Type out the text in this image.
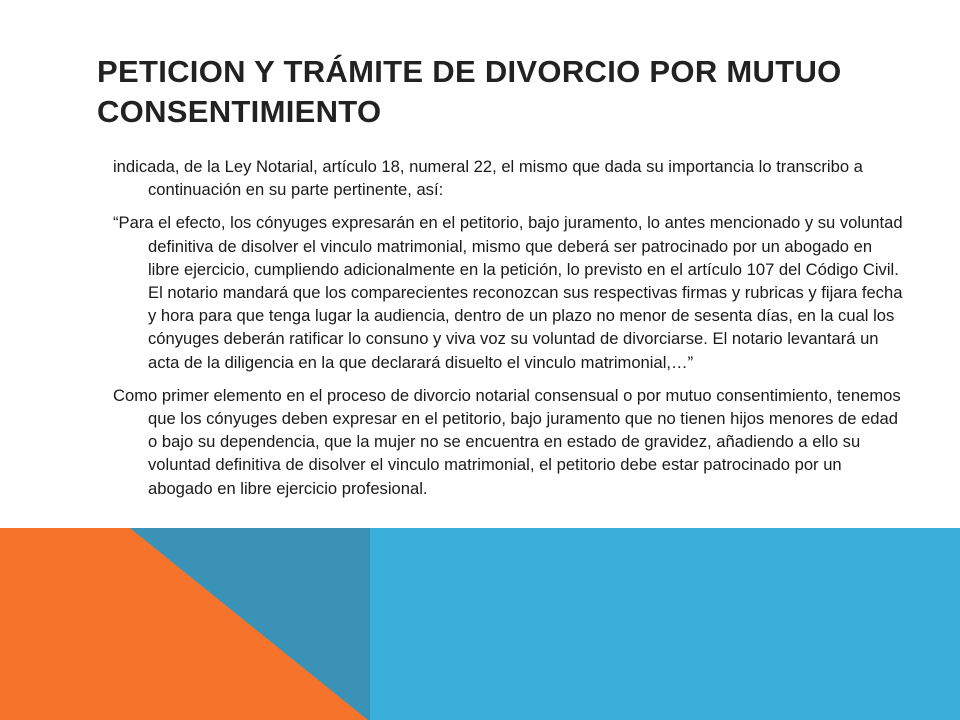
PETICION Y TRÁMITE DE DIVORCIO POR MUTUO CONSENTIMIENTO

indicada, de la Ley Notarial, artículo 18, numeral 22, el mismo que dada su importancia lo transcribo a continuación en su parte pertinente, así:

“Para el efecto, los cónyuges expresarán en el petitorio, bajo juramento, lo antes mencionado y su voluntad definitiva de disolver el vinculo matrimonial, mismo que deberá ser patrocinado por un abogado en libre ejercicio, cumpliendo adicionalmente en la petición, lo previsto en el artículo 107 del Código Civil. El notario mandará que los comparecientes reconozcan sus respectivas firmas y rubricas y fijara fecha y hora para que tenga lugar la audiencia, dentro de un plazo no menor de sesenta días, en la cual los cónyuges deberán ratificar lo consuno y viva voz su voluntad de divorciarse. El notario levantará un acta de la diligencia en la que declarará disuelto el vinculo matrimonial,…”

Como primer elemento en el proceso de divorcio notarial consensual o por mutuo consentimiento, tenemos que los cónyuges deben expresar en el petitorio, bajo juramento que no tienen hijos menores de edad o bajo su dependencia, que la mujer no se encuentra en estado de gravidez, añadiendo a ello su voluntad definitiva de disolver el vinculo matrimonial, el petitorio debe estar patrocinado por un abogado en libre ejercicio profesional.
